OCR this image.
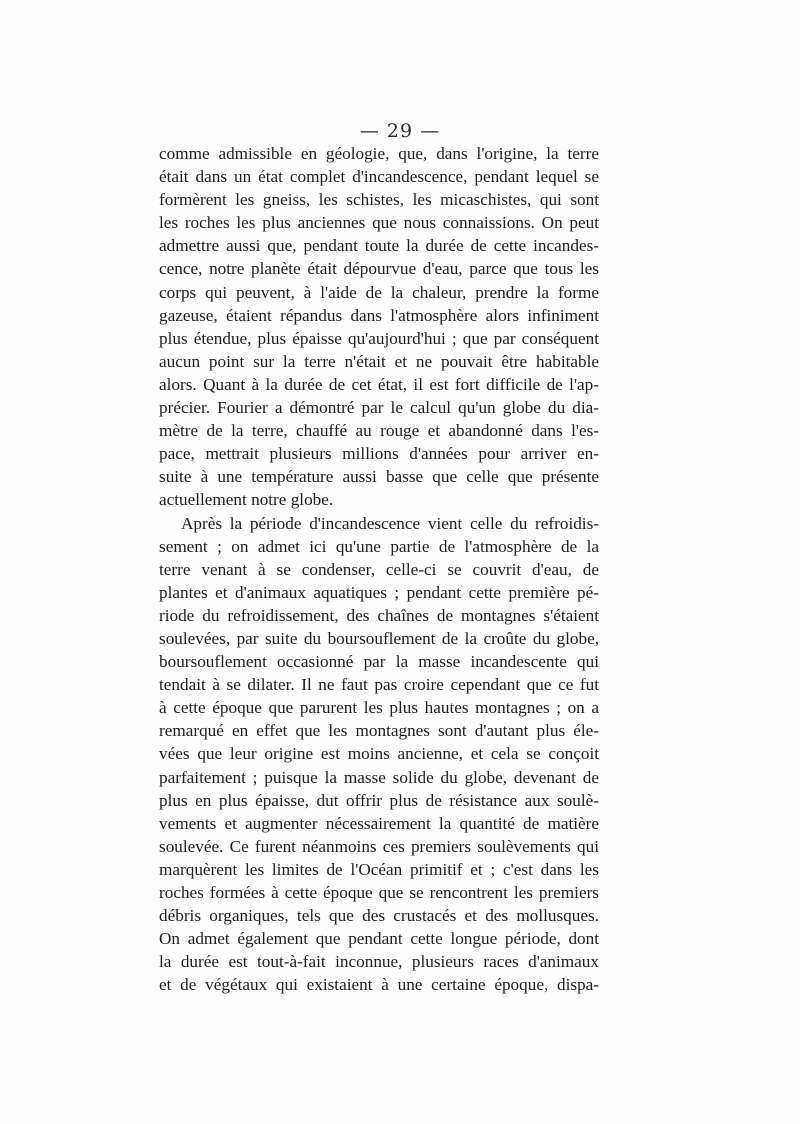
— 29 —
comme admissible en géologie, que, dans l'origine, la terre
était dans un état complet d'incandescence, pendant lequel se
formèrent les gneiss, les schistes, les micaschistes, qui sont
les roches les plus anciennes que nous connaissions. On peut
admettre aussi que, pendant toute la durée de cette incandes-
cence, notre planète était dépourvue d'eau, parce que tous les
corps qui peuvent, à l'aide de la chaleur, prendre la forme
gazeuse, étaient répandus dans l'atmosphère alors infiniment
plus étendue, plus épaisse qu'aujourd'hui ; que par conséquent
aucun point sur la terre n'était et ne pouvait être habitable
alors. Quant à la durée de cet état, il est fort difficile de l'ap-
précier. Fourier a démontré par le calcul qu'un globe du dia-
mètre de la terre, chauffé au rouge et abandonné dans l'es-
pace, mettrait plusieurs millions d'années pour arriver en-
suite à une température aussi basse que celle que présente
actuellement notre globe.
Après la période d'incandescence vient celle du refroidis-
sement ; on admet ici qu'une partie de l'atmosphère de la
terre venant à se condenser, celle-ci se couvrit d'eau, de
plantes et d'animaux aquatiques ; pendant cette première pé-
riode du refroidissement, des chaînes de montagnes s'étaient
soulevées, par suite du boursouflement de la croûte du globe,
boursouflement occasionné par la masse incandescente qui
tendait à se dilater. Il ne faut pas croire cependant que ce fut
à cette époque que parurent les plus hautes montagnes ; on a
remarqué en effet que les montagnes sont d'autant plus éle-
vées que leur origine est moins ancienne, et cela se conçoit
parfaitement ; puisque la masse solide du globe, devenant de
plus en plus épaisse, dut offrir plus de résistance aux soulè-
vements et augmenter nécessairement la quantité de matière
soulevée. Ce furent néanmoins ces premiers soulèvements qui
marquèrent les limites de l'Océan primitif et ; c'est dans les
roches formées à cette époque que se rencontrent les premiers
débris organiques, tels que des crustacés et des mollusques.
On admet également que pendant cette longue période, dont
la durée est tout-à-fait inconnue, plusieurs races d'animaux
et de végétaux qui existaient à une certaine époque, dispa-
